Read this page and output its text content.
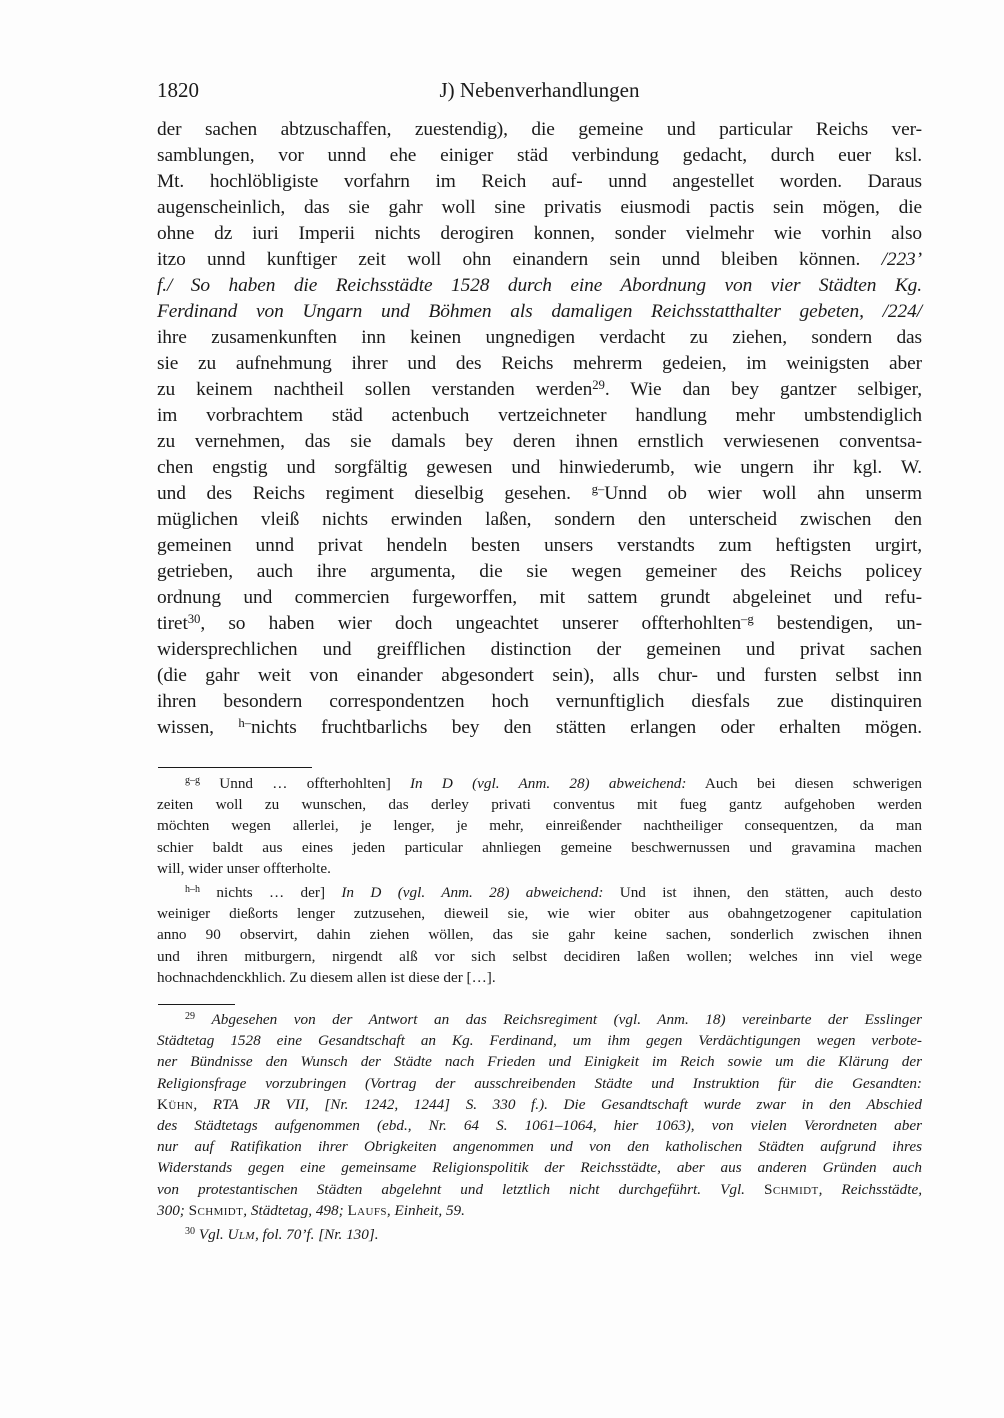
1820	J) Nebenverhandlungen
der sachen abtzuschaffen, zuestendig), die gemeine und particular Reichs ver-
samblungen, vor unnd ehe einiger städ verbindung gedacht, durch euer ksl.
Mt. hochlöbligiste vorfahrn im Reich auf- unnd angestellet worden. Daraus
augenscheinlich, das sie gahr woll sine privatis eiusmodi pactis sein mögen, die
ohne dz iuri Imperii nichts derogiren konnen, sonder vielmehr wie vorhin also
itzo unnd kunftiger zeit woll ohn einandern sein unnd bleiben können. /223’
f./ So haben die Reichsstädte 1528 durch eine Abordnung von vier Städten Kg.
Ferdinand von Ungarn und Böhmen als damaligen Reichsstatthalter gebeten, /224/
ihre zusamenkunften inn keinen ungnedigen verdacht zu ziehen, sondern das
sie zu aufnehmung ihrer und des Reichs mehrerm gedeien, im weinigsten aber
zu keinem nachtheil sollen verstanden werden$^{29}$. Wie dan bey gantzer selbiger,
im vorbrachtem städ actenbuch vertzeichneter handlung mehr umbstendiglich
zu vernehmen, das sie damals bey deren ihnen ernstlich verwiesenen conventsa-
chen engstig und sorgfältig gewesen und hinwiederumb, wie ungern ihr kgl. W.
und des Reichs regiment dieselbig gesehen. $^{g-}$Unnd ob wier woll ahn unserm
müglichen vleiß nichts erwinden laßen, sondern den unterscheid zwischen den
gemeinen unnd privat hendeln besten unsers verstandts zum heftigsten urgirt,
getrieben, auch ihre argumenta, die sie wegen gemeiner des Reichs policey
ordnung und commercien furgeworffen, mit sattem grundt abgeleinet und refu-
tiret$^{30}$, so haben wier doch ungeachtet unserer offterhohlten$^{-g}$ bestendigen, un-
widersprechlichen und greifflichen distinction der gemeinen und privat sachen
(die gahr weit von einander abgesondert sein), alls chur- und fursten selbst inn
ihren besondern correspondentzen hoch vernunftiglich diesfals zue distinquiren
wissen, $^{h-}$nichts fruchtbarlichs bey den stätten erlangen oder erhalten mögen.
$^{g-g}$ Unnd … offterhohlten] In D (vgl. Anm. 28) abweichend: Auch bei diesen schwerigen
zeiten woll zu wunschen, das derley privati conventus mit fueg gantz aufgehoben werden
möchten wegen allerlei, je lenger, je mehr, einreißender nachtheiliger consequentzen, da man
schier baldt aus eines jeden particular ahnliegen gemeine beschwernussen und gravamina machen
will, wider unser offterholte.
$^{h-h}$ nichts … der] In D (vgl. Anm. 28) abweichend: Und ist ihnen, den stätten, auch desto
weiniger dießorts lenger zutzusehen, dieweil sie, wie wier obiter aus obahngetzogener capitulation
anno 90 observirt, dahin ziehen wöllen, das sie gahr keine sachen, sonderlich zwischen ihnen
und ihren mitburgern, nirgendt alß vor sich selbst decidiren laßen wollen; welches inn viel wege
hochnachdenckhlich. Zu diesem allen ist diese der […].
$^{29}$ Abgesehen von der Antwort an das Reichsregiment (vgl. Anm. 18) vereinbarte der Esslinger
Städtetag 1528 eine Gesandtschaft an Kg. Ferdinand, um ihm gegen Verdächtigungen wegen verbote-
ner Bündnisse den Wunsch der Städte nach Frieden und Einigkeit im Reich sowie um die Klärung der
Religionsfrage vorzubringen (Vortrag der ausschreibenden Städte und Instruktion für die Gesandten:
Kühn, RTA JR VII, [Nr. 1242, 1244] S. 330 f.). Die Gesandtschaft wurde zwar in den Abschied
des Städtetags aufgenommen (ebd., Nr. 64 S. 1061–1064, hier 1063), von vielen Verordneten aber
nur auf Ratifikation ihrer Obrigkeiten angenommen und von den katholischen Städten aufgrund ihres
Widerstands gegen eine gemeinsame Religionspolitik der Reichsstädte, aber aus anderen Gründen auch
von protestantischen Städten abgelehnt und letztlich nicht durchgeführt. Vgl. Schmidt, Reichsstädte,
300; Schmidt, Städtetag, 498; Laufs, Einheit, 59.
$^{30}$ Vgl. Ulm, fol. 70’f. [Nr. 130].
